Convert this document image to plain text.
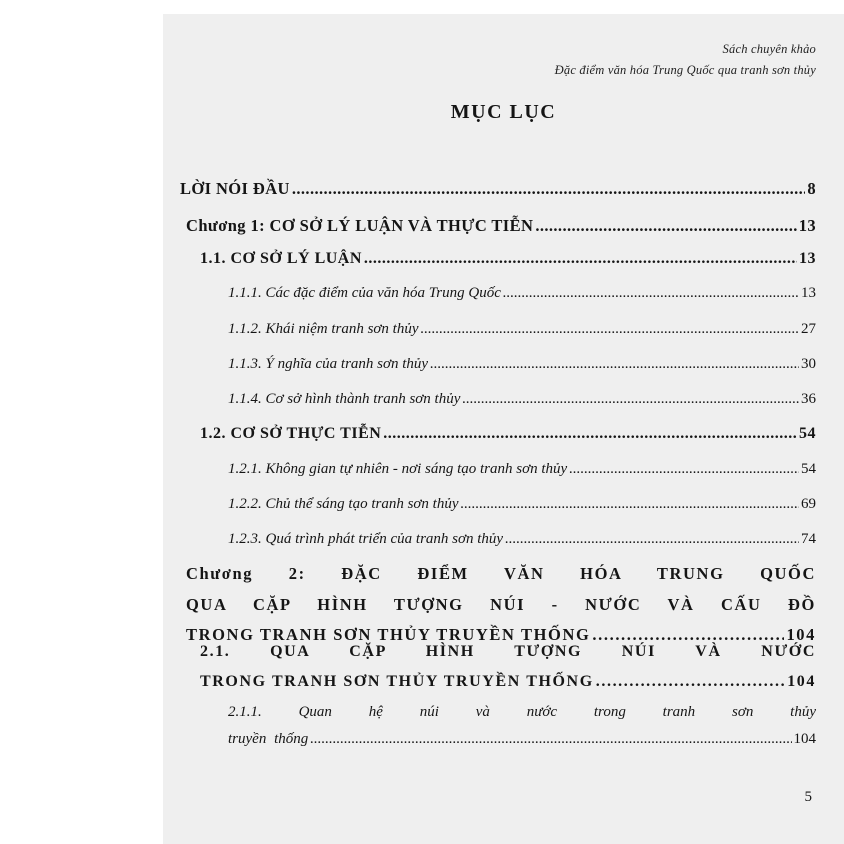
Sách chuyên khảo
Đặc điểm văn hóa Trung Quốc qua tranh sơn thủy
MỤC LỤC
LỜI NÓI ĐẦU .....	8
Chương 1: CƠ SỞ LÝ LUẬN VÀ THỰC TIỄN .....	13
1.1. CƠ SỞ LÝ LUẬN .....	13
1.1.1. Các đặc điểm của văn hóa Trung Quốc .....	13
1.1.2. Khái niệm tranh sơn thủy .....	27
1.1.3. Ý nghĩa của tranh sơn thủy .....	30
1.1.4. Cơ sở hình thành tranh sơn thủy .....	36
1.2. CƠ SỞ THỰC TIỄN .....	54
1.2.1. Không gian tự nhiên - nơi sáng tạo tranh sơn thủy .....	54
1.2.2. Chủ thể sáng tạo tranh sơn thủy .....	69
1.2.3. Quá trình phát triển của tranh sơn thủy .....	74
Chương 2: ĐẶC ĐIỂM VĂN HÓA TRUNG QUỐC
QUA CẶP HÌNH TƯỢNG NÚI - NƯỚC VÀ CẤU ĐỒ
TRONG TRANH SƠN THỦY TRUYỀN THỐNG .....	104
2.1. QUA CẶP HÌNH TƯỢNG NÚI VÀ NƯỚC
TRONG TRANH SƠN THỦY TRUYỀN THỐNG .....	104
2.1.1. Quan hệ núi và nước trong tranh sơn thủy
truyền thống .....	104
5
